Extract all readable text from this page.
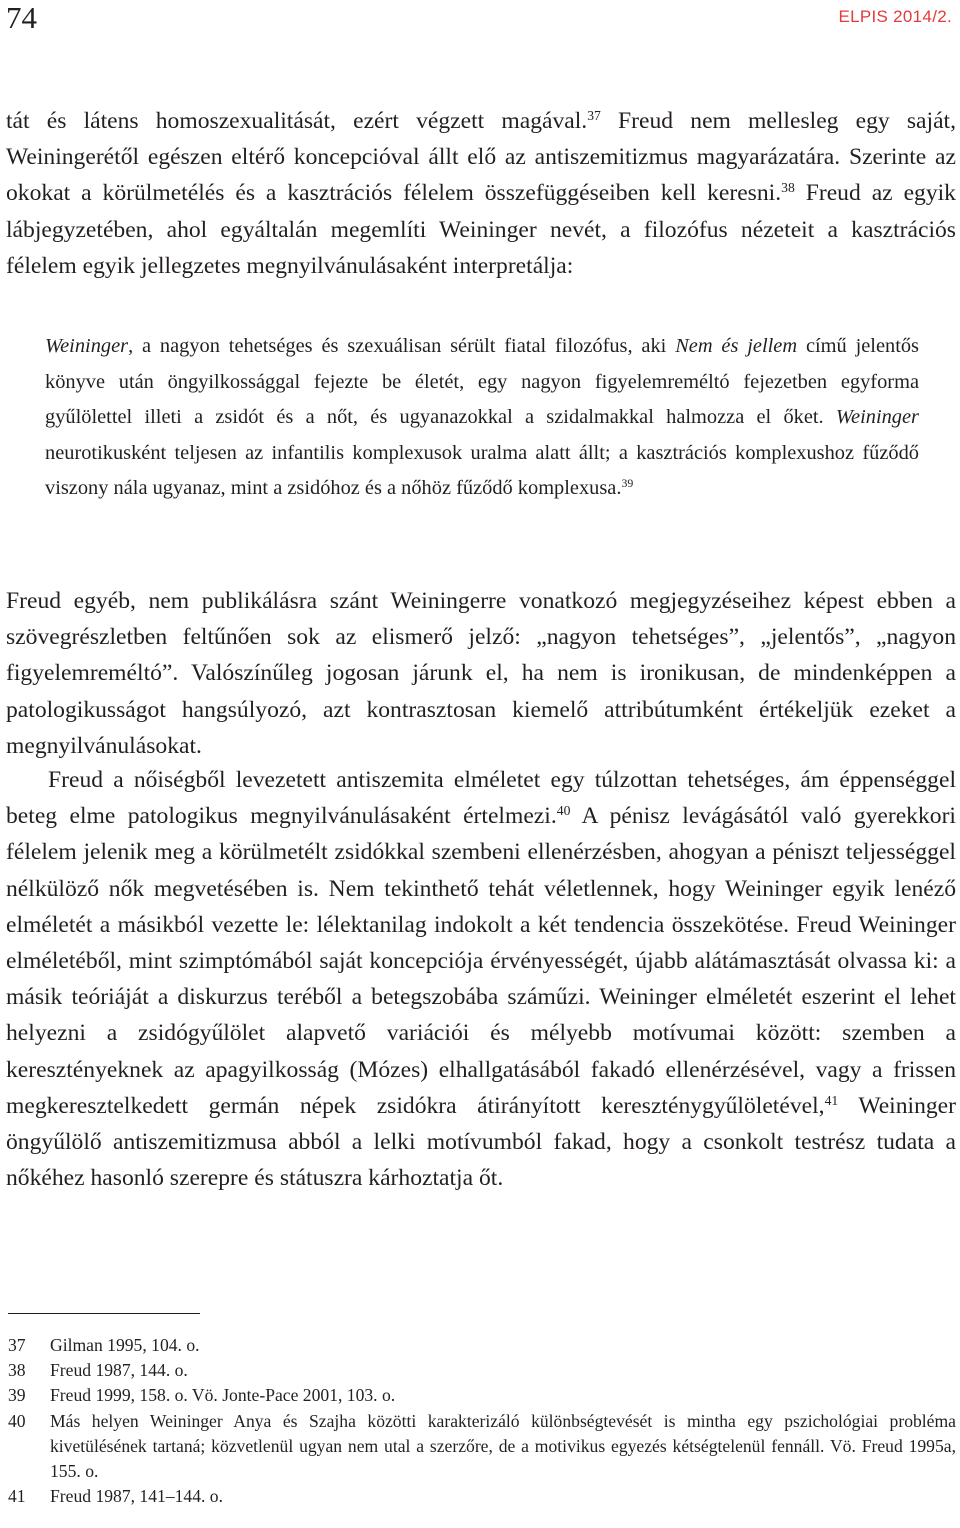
74	ELPIS 2014/2.

tát és látens homoszexualitását, ezért végzett magával.$^{37}$ Freud nem mellesleg egy saját, Weiningerétől egészen eltérő koncepcióval állt elő az antiszemitizmus magyarázatára. Szerinte az okokat a körülmetélés és a kasztrációs félelem összefüggéseiben kell keresni.$^{38}$ Freud az egyik lábjegyzetében, ahol egyáltalán megemlíti Weininger nevét, a filozófus nézeteit a kasztrációs félelem egyik jellegzetes megnyilvánulásaként interpretálja:

Weininger, a nagyon tehetséges és szexuálisan sérült fiatal filozófus, aki Nem és jellem című jelentős könyve után öngyilkossággal fejezte be életét, egy nagyon figyelemreméltó fejezetben egyforma gyűlölettel illeti a zsidót és a nőt, és ugyanazokkal a szidalmakkal halmozza el őket. Weininger neurotikusként teljesen az infantilis komplexusok uralma alatt állt; a kasztrációs komplexushoz fűződő viszony nála ugyanaz, mint a zsidóhoz és a nőhöz fűződő komplexusa.$^{39}$

Freud egyéb, nem publikálásra szánt Weiningerre vonatkozó megjegyzéseihez képest ebben a szövegrészletben feltűnően sok az elismerő jelző: „nagyon tehetséges”, „jelentős”, „nagyon figyelemreméltó”. Valószínűleg jogosan járunk el, ha nem is ironikusan, de mindenképpen a patologikusságot hangsúlyozó, azt kontrasztosan kiemelő attribútumként értékeljük ezeket a megnyilvánulásokat.

Freud a nőiségből levezetett antiszemita elméletet egy túlzottan tehetséges, ám éppenséggel beteg elme patologikus megnyilvánulásaként értelmezi.$^{40}$ A pénisz levágásától való gyerekkori félelem jelenik meg a körülmetélt zsidókkal szembeni ellenérzésben, ahogyan a péniszt teljességgel nélkülöző nők megvetésében is. Nem tekinthető tehát véletlennek, hogy Weininger egyik lenéző elméletét a másikból vezette le: lélektanilag indokolt a két tendencia összekötése. Freud Weininger elméletéből, mint szimptómából saját koncepciója érvényességét, újabb alátámasztását olvassa ki: a másik teóriáját a diskurzus teréből a betegszobába száműzi. Weininger elméletét eszerint el lehet helyezni a zsidógyűlölet alapvető variációi és mélyebb motívumai között: szemben a keresztényeknek az apagyilkosság (Mózes) elhallgatásából fakadó ellenérzésével, vagy a frissen megkeresztelkedett germán népek zsidókra átirányított kereszténygyűlöletével,$^{41}$ Weininger öngyűlölő antiszemitizmusa abból a lelki motívumból fakad, hogy a csonkolt testrész tudata a nőkéhez hasonló szerepre és státuszra kárhoztatja őt.

37	Gilman 1995, 104. o.
38	Freud 1987, 144. o.
39	Freud 1999, 158. o. Vö. Jonte-Pace 2001, 103. o.
40	Más helyen Weininger Anya és Szajha közötti karakterizáló különbségtevését is mintha egy pszichológiai probléma kivetülésének tartaná; közvetlenül ugyan nem utal a szerzőre, de a motivikus egyezés kétségtelenül fennáll. Vö. Freud 1995a, 155. o.
41	Freud 1987, 141–144. o.
